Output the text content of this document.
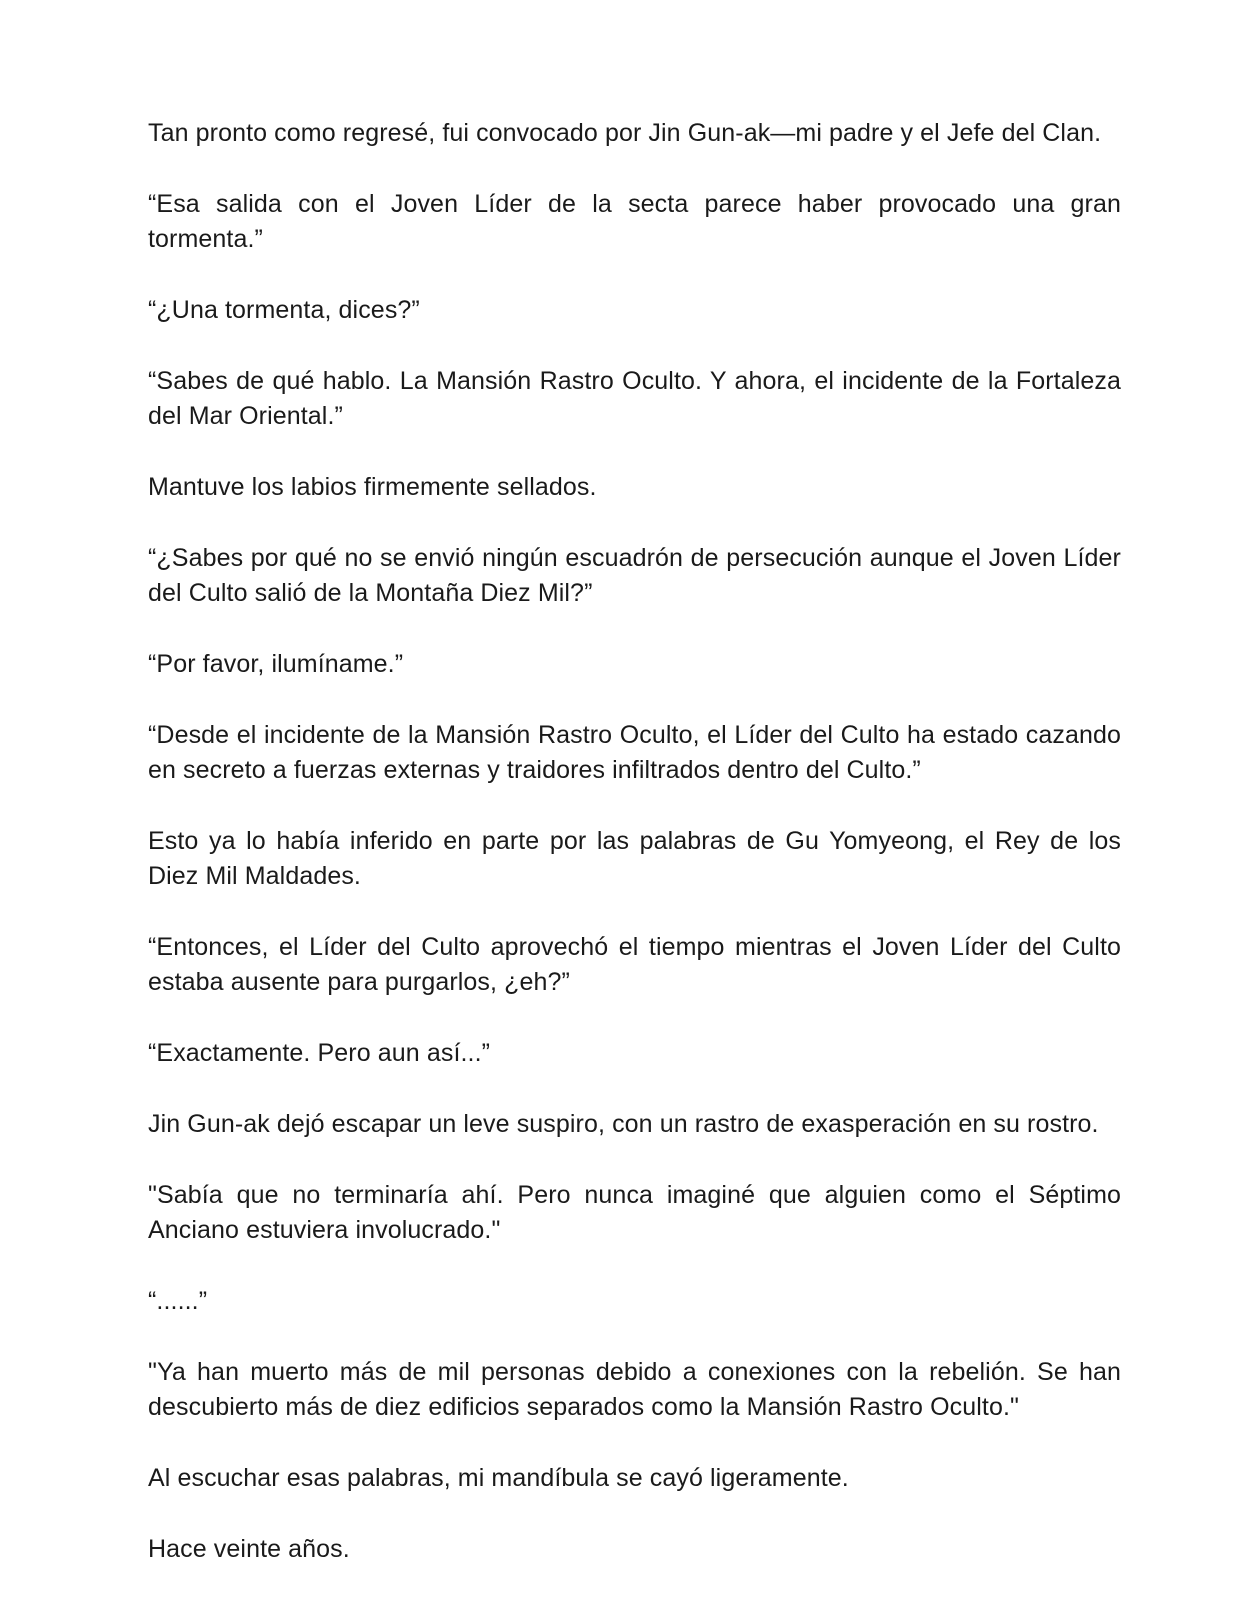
Tan pronto como regresé, fui convocado por Jin Gun-ak—mi padre y el Jefe del Clan.

“Esa salida con el Joven Líder de la secta parece haber provocado una gran tormenta.”

“¿Una tormenta, dices?”

“Sabes de qué hablo. La Mansión Rastro Oculto. Y ahora, el incidente de la Fortaleza del Mar Oriental.”

Mantuve los labios firmemente sellados.

“¿Sabes por qué no se envió ningún escuadrón de persecución aunque el Joven Líder del Culto salió de la Montaña Diez Mil?”

“Por favor, ilumíname.”

“Desde el incidente de la Mansión Rastro Oculto, el Líder del Culto ha estado cazando en secreto a fuerzas externas y traidores infiltrados dentro del Culto.”

Esto ya lo había inferido en parte por las palabras de Gu Yomyeong, el Rey de los Diez Mil Maldades.

“Entonces, el Líder del Culto aprovechó el tiempo mientras el Joven Líder del Culto estaba ausente para purgarlos, ¿eh?”

“Exactamente. Pero aun así...”

Jin Gun-ak dejó escapar un leve suspiro, con un rastro de exasperación en su rostro.

"Sabía que no terminaría ahí. Pero nunca imaginé que alguien como el Séptimo Anciano estuviera involucrado."

“......”

"Ya han muerto más de mil personas debido a conexiones con la rebelión. Se han descubierto más de diez edificios separados como la Mansión Rastro Oculto."

Al escuchar esas palabras, mi mandíbula se cayó ligeramente.

Hace veinte años.
